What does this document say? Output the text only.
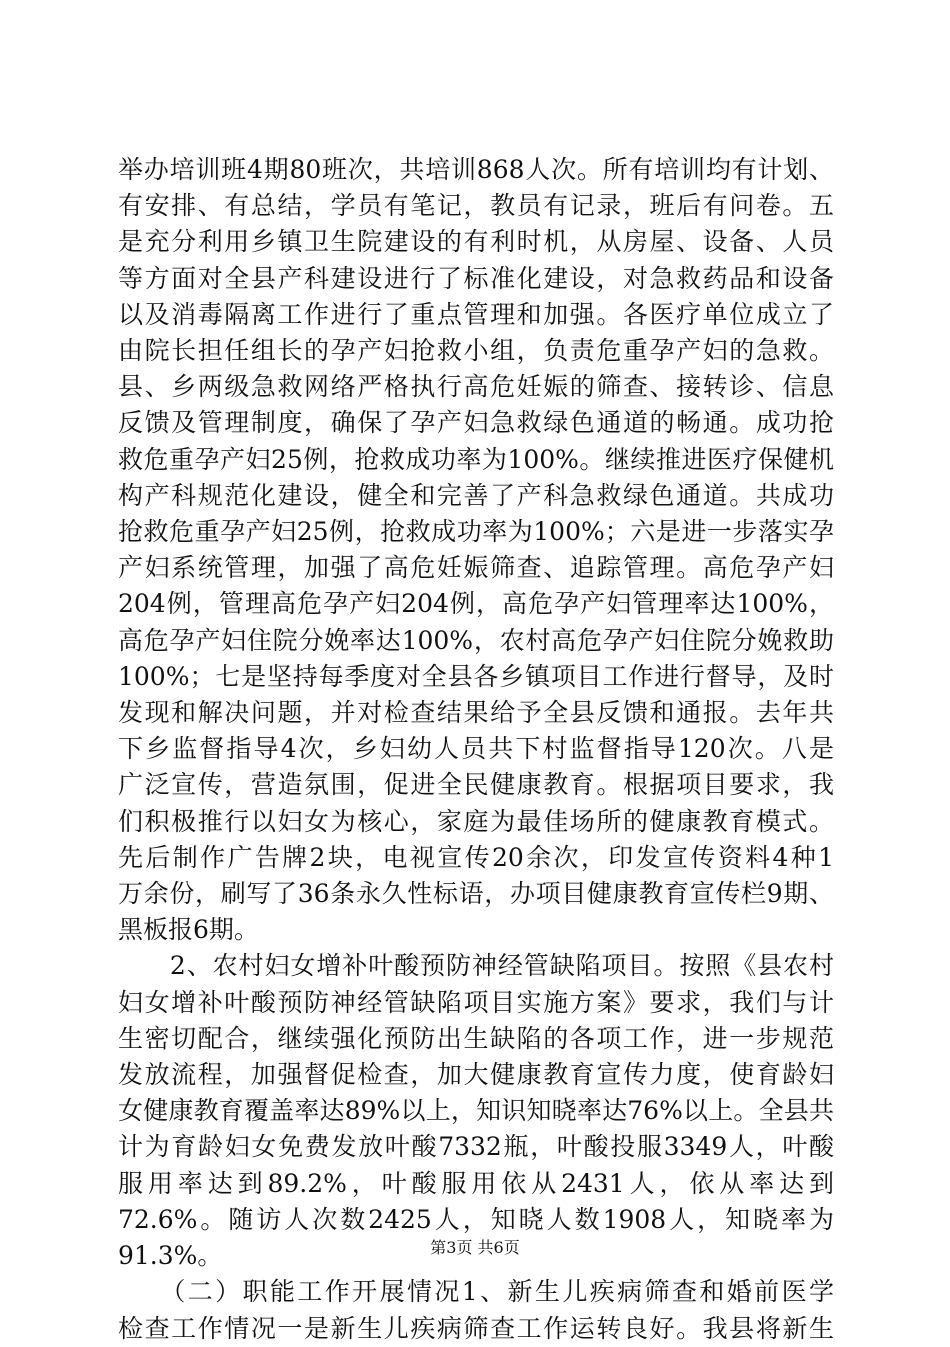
举办培训班4期80班次，共培训868人次。所有培训均有计划、
有安排、有总结，学员有笔记，教员有记录，班后有问卷。五
是充分利用乡镇卫生院建设的有利时机，从房屋、设备、人员
等方面对全县产科建设进行了标准化建设，对急救药品和设备
以及消毒隔离工作进行了重点管理和加强。各医疗单位成立了
由院长担任组长的孕产妇抢救小组，负责危重孕产妇的急救。
县、乡两级急救网络严格执行高危妊娠的筛查、接转诊、信息
反馈及管理制度，确保了孕产妇急救绿色通道的畅通。成功抢
救危重孕产妇25例，抢救成功率为100%。继续推进医疗保健机
构产科规范化建设，健全和完善了产科急救绿色通道。共成功
抢救危重孕产妇25例，抢救成功率为100%；六是进一步落实孕
产妇系统管理，加强了高危妊娠筛查、追踪管理。高危孕产妇
204例，管理高危孕产妇204例，高危孕产妇管理率达100%，
高危孕产妇住院分娩率达100%，农村高危孕产妇住院分娩救助
100%；七是坚持每季度对全县各乡镇项目工作进行督导，及时
发现和解决问题，并对检查结果给予全县反馈和通报。去年共
下乡监督指导4次，乡妇幼人员共下村监督指导120次。八是
广泛宣传，营造氛围，促进全民健康教育。根据项目要求，我
们积极推行以妇女为核心，家庭为最佳场所的健康教育模式。
先后制作广告牌2块，电视宣传20余次，印发宣传资料4种1
万余份，刷写了36条永久性标语，办项目健康教育宣传栏9期、
黑板报6期。
　　2、农村妇女增补叶酸预防神经管缺陷项目。按照《县农村
妇女增补叶酸预防神经管缺陷项目实施方案》要求，我们与计
生密切配合，继续强化预防出生缺陷的各项工作，进一步规范
发放流程，加强督促检查，加大健康教育宣传力度，使育龄妇
女健康教育覆盖率达89%以上，知识知晓率达76%以上。全县共
计为育龄妇女免费发放叶酸7332瓶，叶酸投服3349人，叶酸
服用率达到89.2%，叶酸服用依从2431人，依从率达到
72.6%。随访人次数2425人，知晓人数1908人，知晓率为
91.3%。
　　（二）职能工作开展情况1、新生儿疾病筛查和婚前医学
检查工作情况一是新生儿疾病筛查工作运转良好。我县将新生
第3页 共6页
